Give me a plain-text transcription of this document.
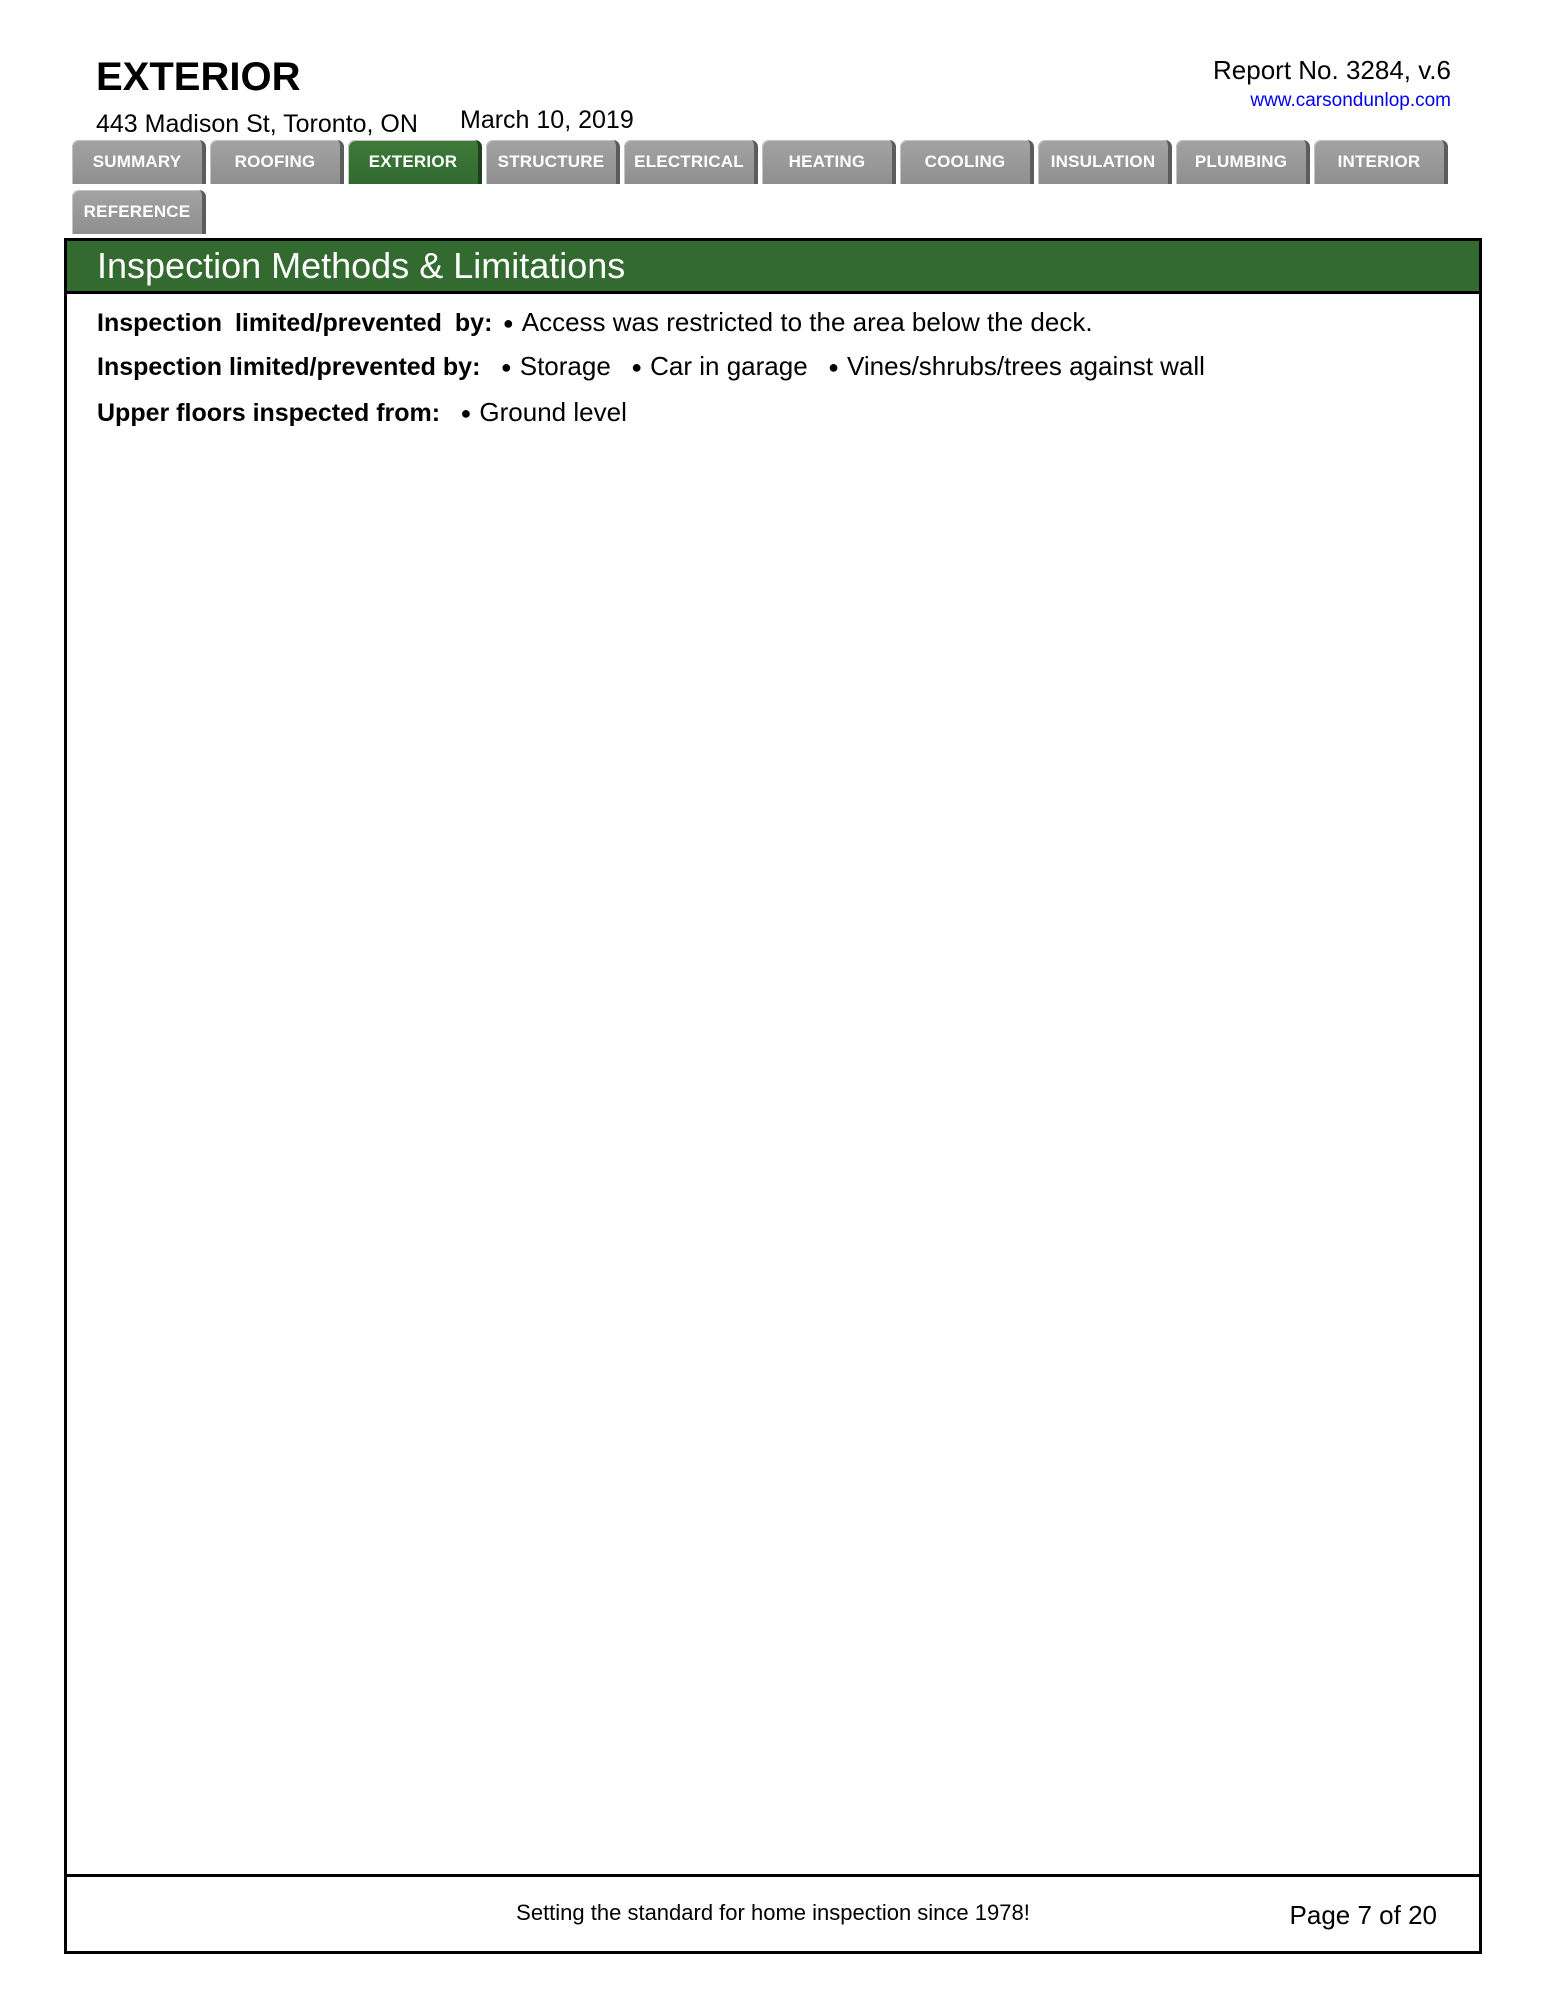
EXTERIOR	Report No. 3284, v.6
www.carsondunlop.com
443 Madison St, Toronto, ON March 10, 2019
SUMMARY	ROOFING	EXTERIOR	STRUCTURE	ELECTRICAL	HEATING	COOLING	INSULATION	PLUMBING	INTERIOR
REFERENCE
Inspection Methods & Limitations
Inspection limited/prevented by: ● Access was restricted to the area below the deck.
Inspection limited/prevented by: ● Storage ● Car in garage ● Vines/shrubs/trees against wall
Upper floors inspected from: ● Ground level
Setting the standard for home inspection since 1978!	Page 7 of 20
